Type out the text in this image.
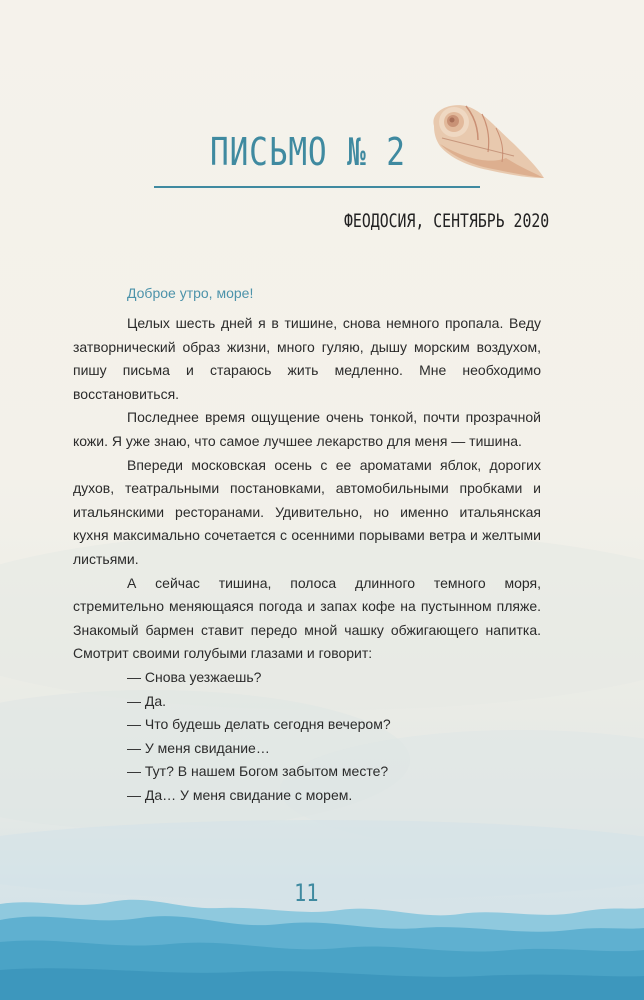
ПИСЬМО № 2
ФЕОДОСИЯ, СЕНТЯБРЬ 2020
Доброе утро, море!

Целых шесть дней я в тишине, снова немного пропала. Веду затворнический образ жизни, много гуляю, дышу морским воздухом, пишу письма и стараюсь жить медленно. Мне необходимо восстановиться.

Последнее время ощущение очень тонкой, почти прозрачной кожи. Я уже знаю, что самое лучшее лекарство для меня — тишина.

Впереди московская осень с ее ароматами яблок, дорогих духов, театральными постановками, автомобильными пробками и итальянскими ресторанами. Удивительно, но именно итальянская кухня максимально сочетается с осенними порывами ветра и желтыми листьями.

А сейчас тишина, полоса длинного темного моря, стремительно меняющаяся погода и запах кофе на пустынном пляже. Знакомый бармен ставит передо мной чашку обжигающего напитка. Смотрит своими голубыми глазами и говорит:

— Снова уезжаешь?

— Да.

— Что будешь делать сегодня вечером?

— У меня свидание…

— Тут? В нашем Богом забытом месте?

— Да… У меня свидание с морем.

11
